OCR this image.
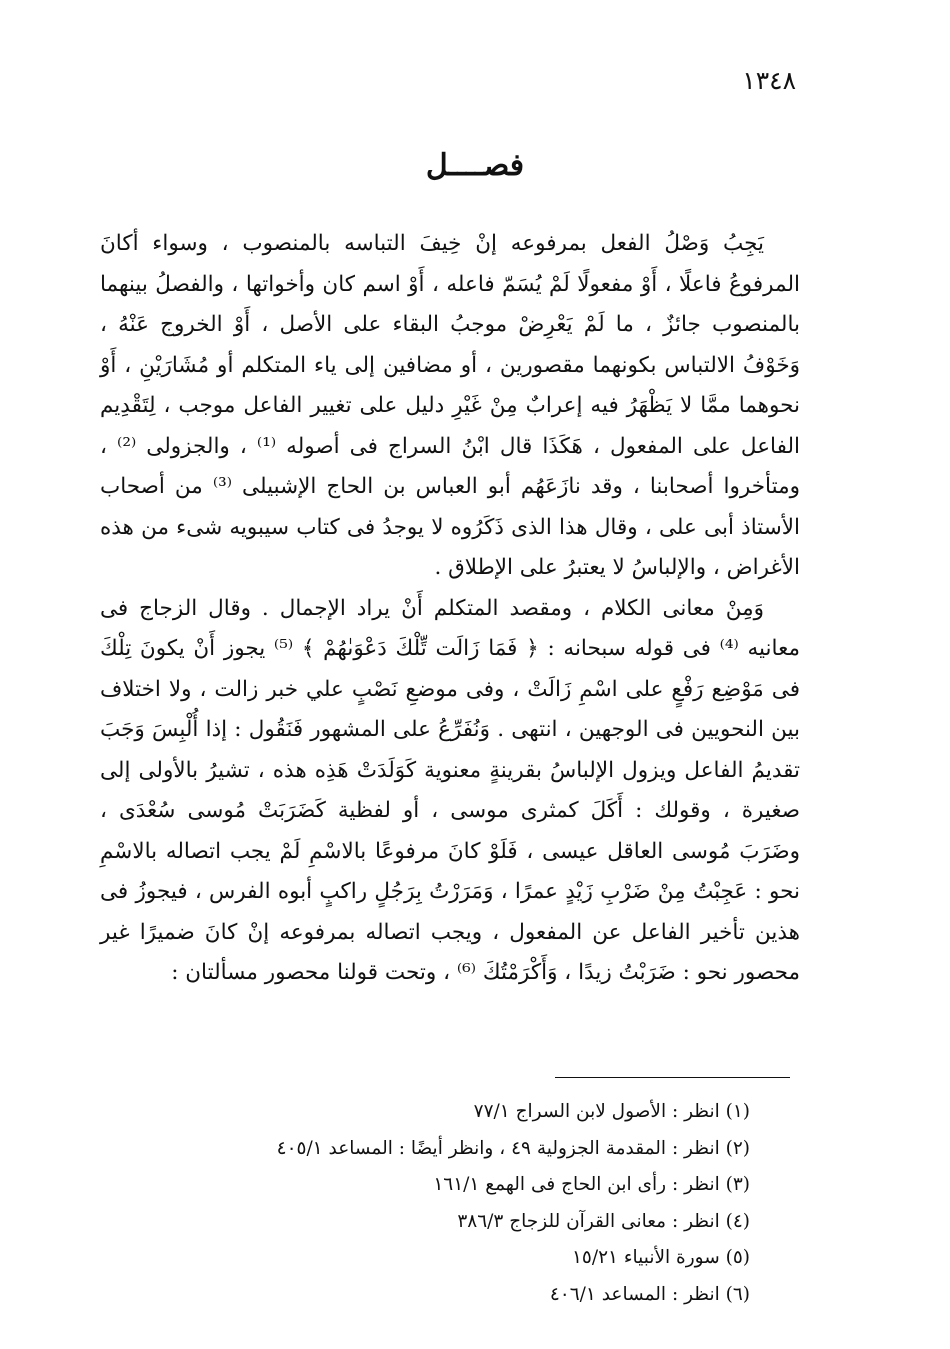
١٣٤٨
فصــــل

يَجِبُ وَصْلُ الفعل بمرفوعه إنْ خِيفَ التباسه بالمنصوب ، وسواء أكانَ المرفوعُ فاعلًا ، أَوْ مفعولًا لَمْ يُسَمّ فاعله ، أَوْ اسم كان وأخواتها ، والفصلُ بينهما بالمنصوب جائزٌ ، ما لَمْ يَعْرِضْ موجبُ البقاء على الأصل ، أَوْ الخروج عَنْهُ ، وَخَوْفُ الالتباس بكونهما مقصورين ، أو مضافين إلى ياء المتكلم أو مُشَارَيْنِ ، أَوْ نحوهما ممَّا لا يَظْهَرُ فيه إعرابٌ مِنْ غَيْرِ دليل على تغيير الفاعل موجب ، لِتَقْدِيم الفاعل على المفعول ، هَكَذَا قال ابْنُ السراج فى أصوله ⁽¹⁾ ، والجزولى ⁽²⁾ ، ومتأخروا أصحابنا ، وقد نازَعَهُم أبو العباس بن الحاج الإشبيلى ⁽³⁾ من أصحاب الأستاذ أبى على ، وقال هذا الذى ذَكَرُوه لا يوجدُ فى كتاب سيبويه شىء من هذه الأغراض ، والإلباسُ لا يعتبرُ على الإطلاق .

وَمِنْ معانى الكلام ، ومقصد المتكلم أَنْ يراد الإجمال . وقال الزجاج فى معانيه ⁽⁴⁾ فى قوله سبحانه : ﴿ فَمَا زَالَت تِّلْكَ دَعْوَىٰهُمْ ﴾ ⁽⁵⁾ يجوز أَنْ يكونَ تِلْكَ فى مَوْضِع رَفْعٍ على اسْمِ زَالَتْ ، وفى موضعِ نَصْبٍ علي خبر زالت ، ولا اختلاف بين النحويين فى الوجهين ، انتهى . وَنُفَرِّعُ على المشهور فَنَقُول : إذا أُلْبِسَ وَجَبَ تقديمُ الفاعل ويزول الإلباسُ بقرينةٍ معنوية كَوَلَدَتْ هَذِه هذه ، تشيرُ بالأولى إلى صغيرة ، وقولك : أَكَلَ كمثرى موسى ، أو لفظية كَضَرَبَتْ مُوسى سُعْدَى ، وضَرَبَ مُوسى العاقل عيسى ، فَلَوْ كانَ مرفوعًا بالاسْمِ لَمْ يجب اتصاله بالاسْمِ نحو : عَجِبْتُ مِنْ ضَرْبِ زَيْدٍ عمرًا ، وَمَرَرْتُ بِرَجُلٍ راكبٍ أبوه الفرس ، فيجوزُ فى هذين تأخير الفاعل عن المفعول ، ويجب اتصاله بمرفوعه إنْ كانَ ضميرًا غير محصور نحو : ضَرَبْتُ زيدًا ، وَأَكْرَمْتُكَ ⁽⁶⁾ ، وتحت قولنا محصور مسألتان :

(١) انظر : الأصول لابن السراج ٧٧/١
(٢) انظر : المقدمة الجزولية ٤٩ ، وانظر أيضًا : المساعد ٤٠٥/١
(٣) انظر : رأى ابن الحاج فى الهمع ١٦١/١
(٤) انظر : معانى القرآن للزجاج ٣٨٦/٣
(٥) سورة الأنبياء ١٥/٢١
(٦) انظر : المساعد ٤٠٦/١
